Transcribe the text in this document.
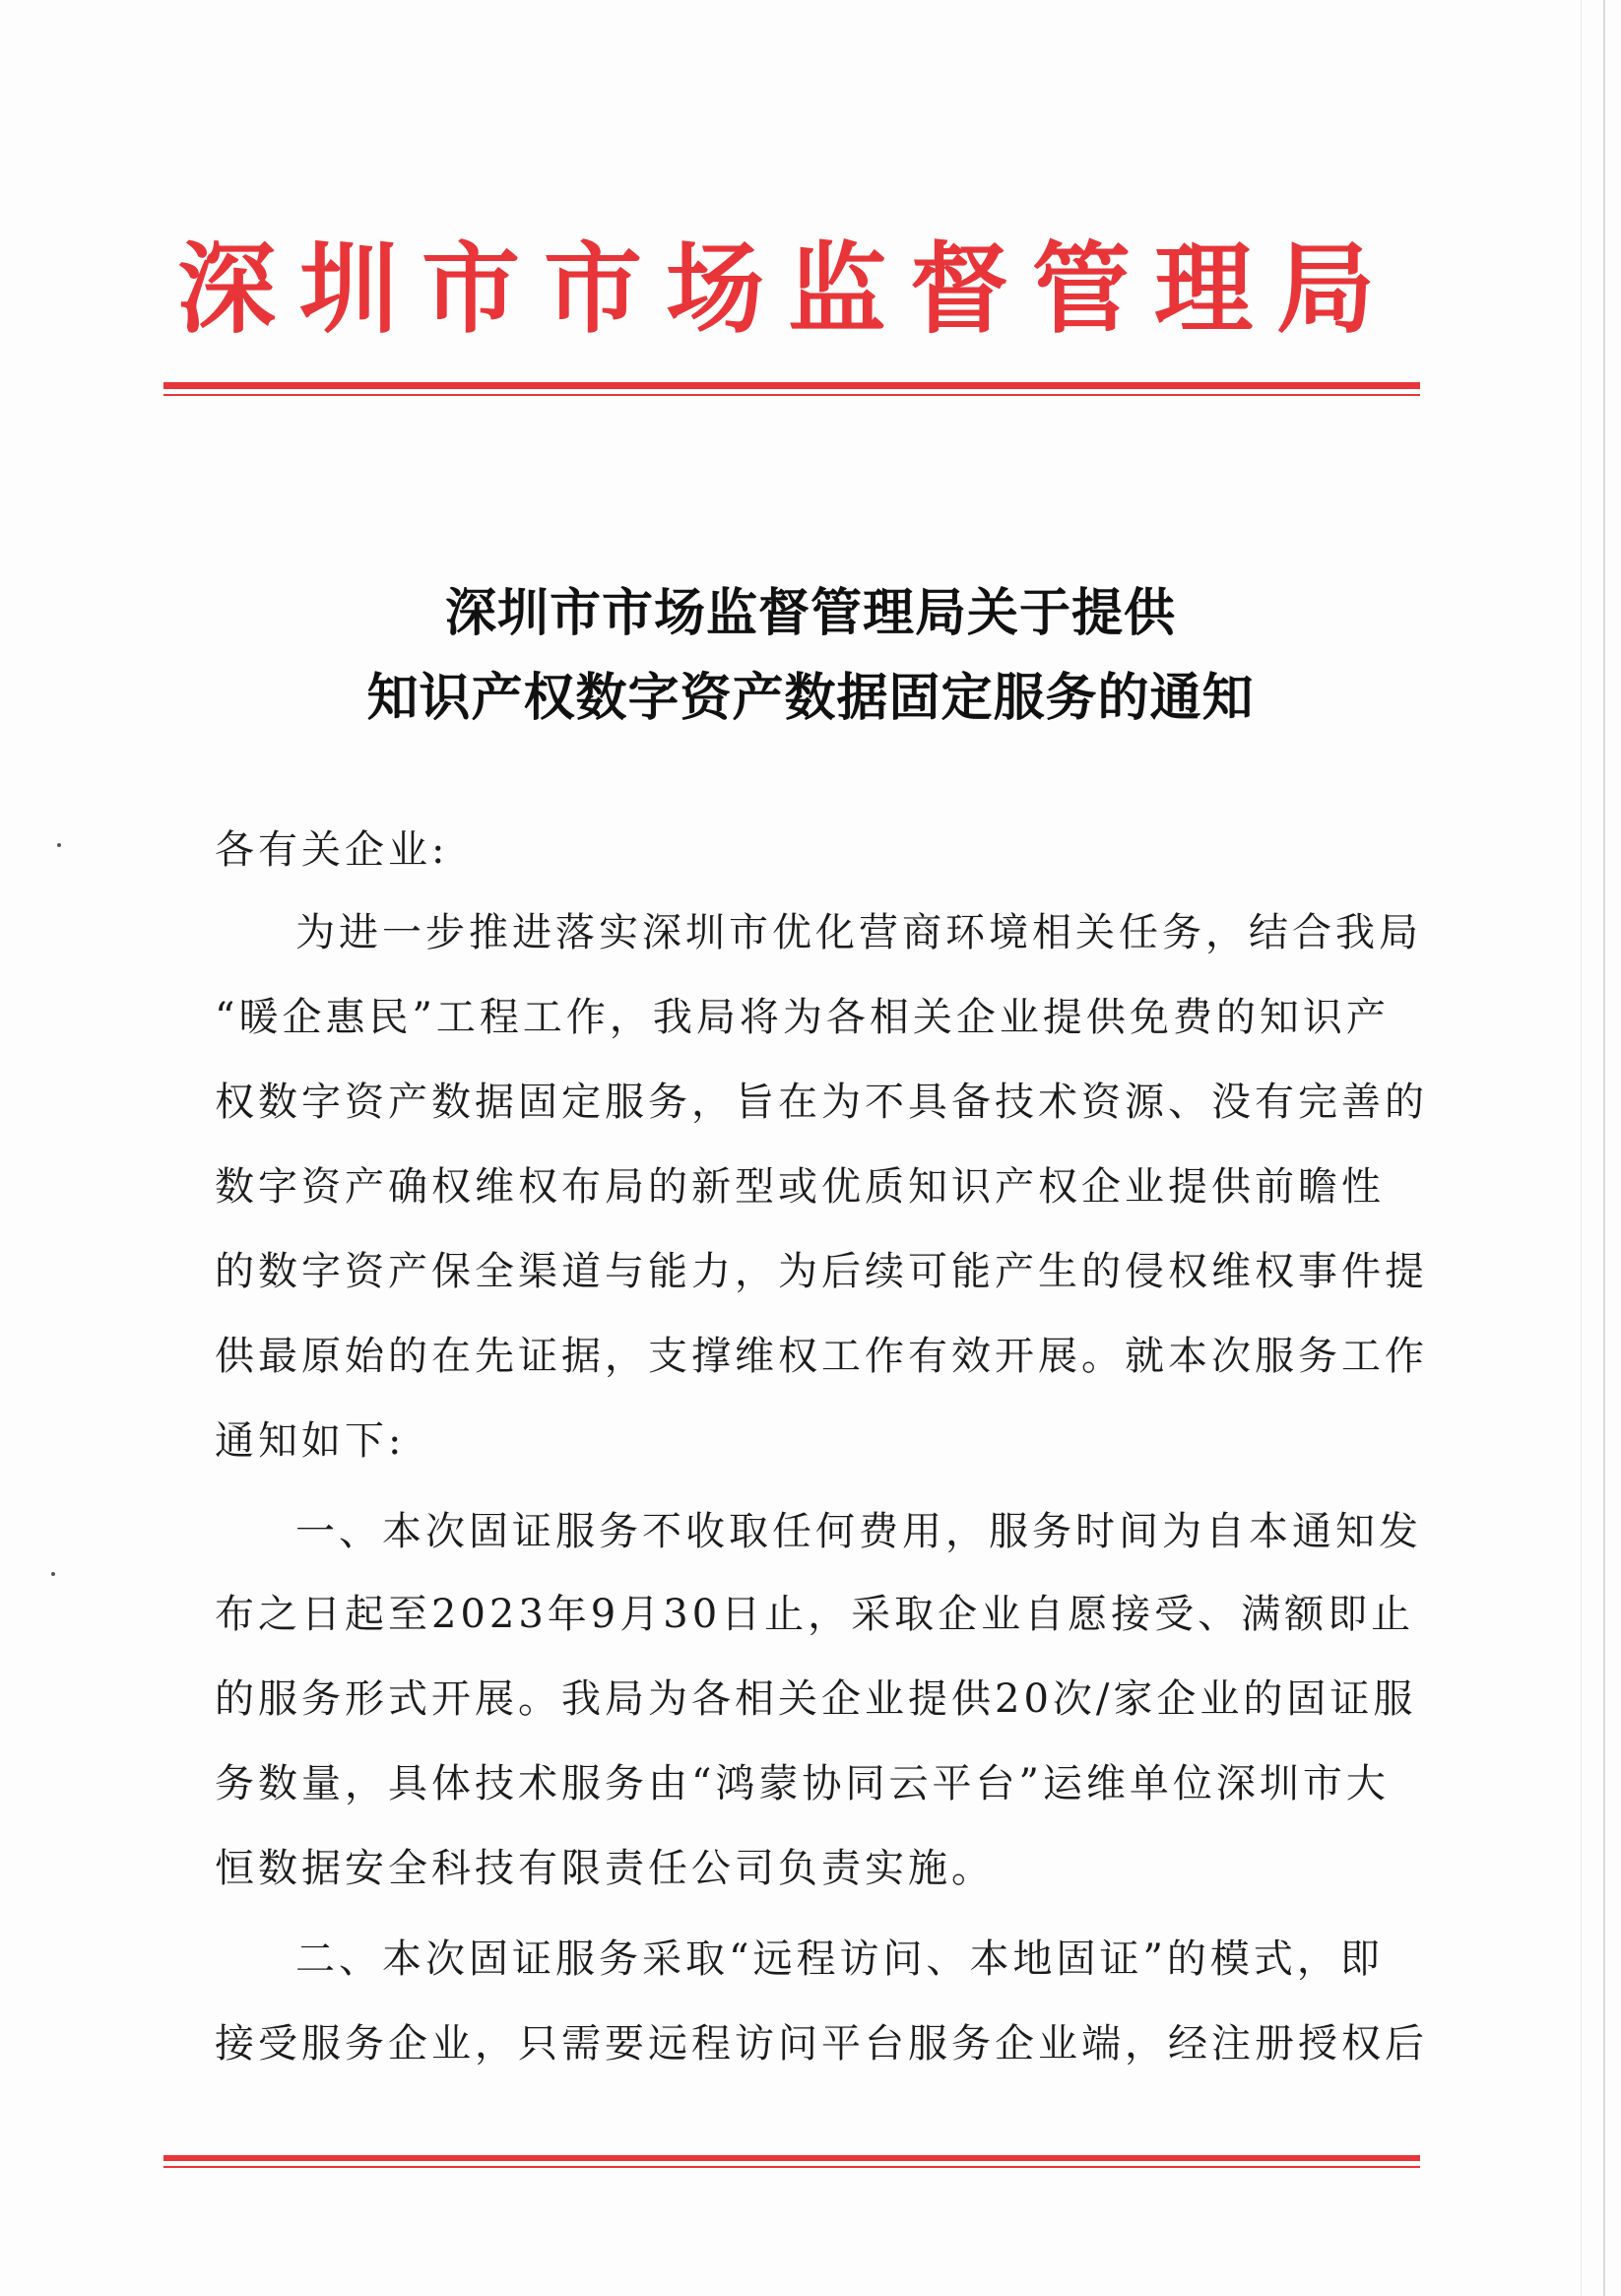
深圳市市场监督管理局
深圳市市场监督管理局关于提供
知识产权数字资产数据固定服务的通知
各有关企业:
为进一步推进落实深圳市优化营商环境相关任务，结合我局
“暖企惠民”工程工作，我局将为各相关企业提供免费的知识产
权数字资产数据固定服务，旨在为不具备技术资源、没有完善的
数字资产确权维权布局的新型或优质知识产权企业提供前瞻性
的数字资产保全渠道与能力，为后续可能产生的侵权维权事件提
供最原始的在先证据，支撑维权工作有效开展。就本次服务工作
通知如下:
一、本次固证服务不收取任何费用，服务时间为自本通知发
布之日起至2023年9月30日止，采取企业自愿接受、满额即止
的服务形式开展。我局为各相关企业提供20次/家企业的固证服
务数量，具体技术服务由“鸿蒙协同云平台”运维单位深圳市大
恒数据安全科技有限责任公司负责实施。
二、本次固证服务采取“远程访问、本地固证”的模式，即
接受服务企业，只需要远程访问平台服务企业端，经注册授权后
